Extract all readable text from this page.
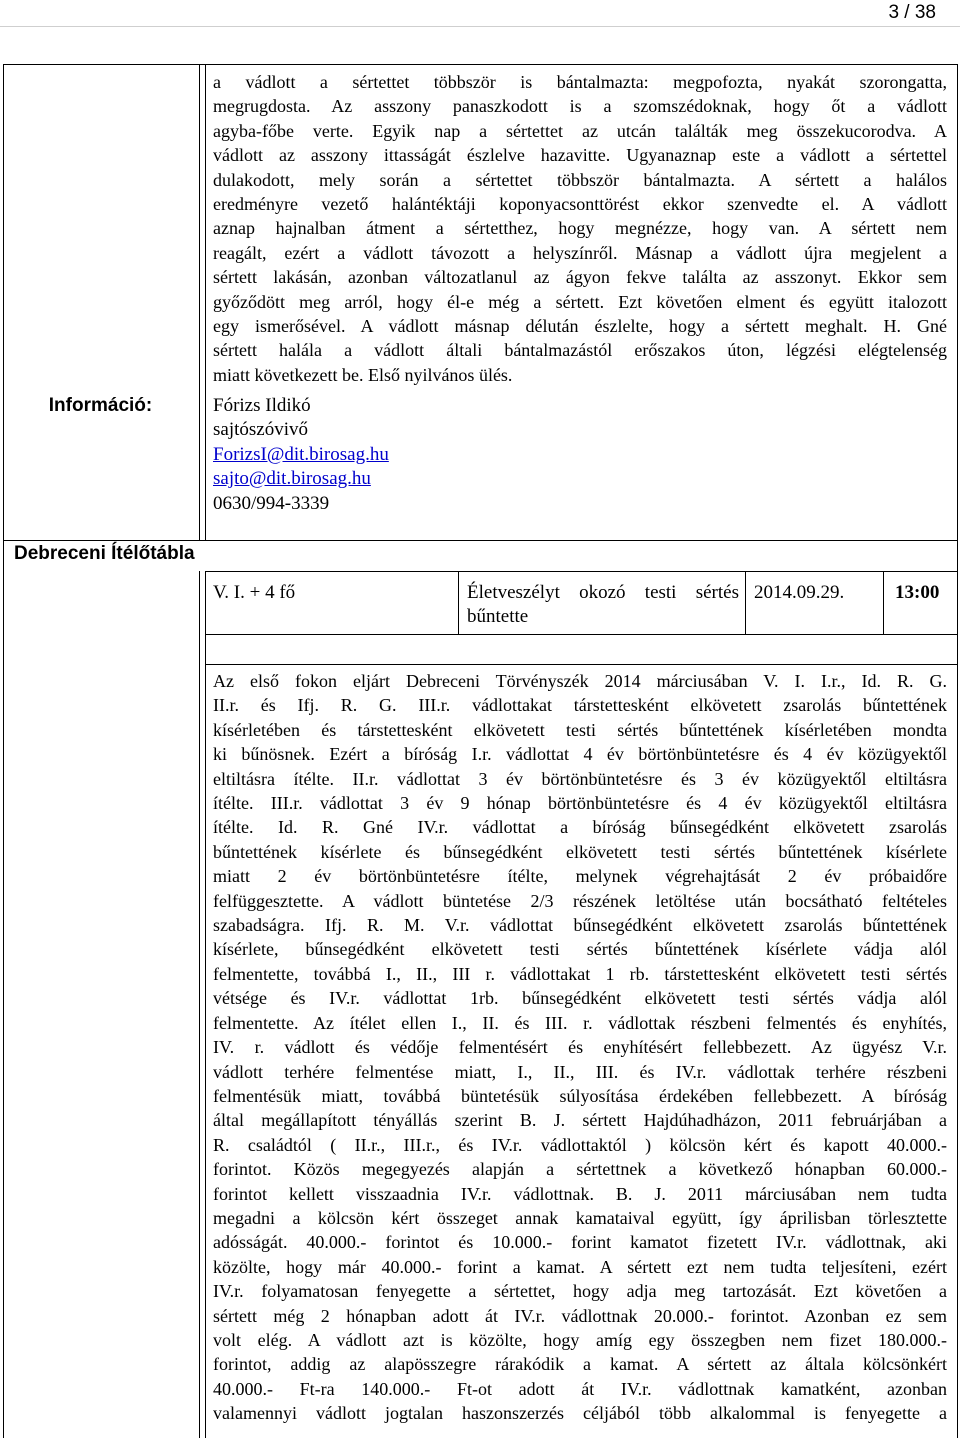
3 / 38
Információ:
Debreceni Ítélőtábla
a vádlott a sértettet többször is bántalmazta: megpofozta, nyakát szorongatta,
megrugdosta. Az asszony panaszkodott is a szomszédoknak, hogy őt a vádlott
agyba-főbe verte. Egyik nap a sértettet az utcán találták meg összekucorodva. A
vádlott az asszony ittasságát észlelve hazavitte. Ugyanaznap este a vádlott a sértettel
dulakodott, mely során a sértettet többször bántalmazta. A sértett a halálos
eredményre vezető halántéktáji koponyacsonttörést ekkor szenvedte el. A vádlott
aznap hajnalban átment a sértetthez, hogy megnézze, hogy van. A sértett nem
reagált, ezért a vádlott távozott a helyszínről. Másnap a vádlott újra megjelent a
sértett lakásán, azonban változatlanul az ágyon fekve találta az asszonyt. Ekkor sem
győződött meg arról, hogy él-e még a sértett. Ezt követően elment és együtt italozott
egy ismerősével. A vádlott másnap délután észlelte, hogy a sértett meghalt. H. Gné
sértett halála a vádlott általi bántalmazástól erőszakos úton, légzési elégtelenség
miatt következett be. Első nyilvános ülés.
Fórizs Ildikó
sajtószóvivő
ForizsI@dit.birosag.hu
sajto@dit.birosag.hu
0630/994-3339
V. I. + 4 fő	Életveszélyt okozó testi sértés
bűntette
2014.09.29.	13:00
Az első fokon eljárt Debreceni Törvényszék 2014 márciusában V. I. I.r., Id. R. G.
II.r. és Ifj. R. G. III.r. vádlottakat társtettesként elkövetett zsarolás bűntettének
kísérletében és társtettesként elkövetett testi sértés bűntettének kísérletében mondta
ki bűnösnek. Ezért a bíróság I.r. vádlottat 4 év börtönbüntetésre és 4 év közügyektől
eltiltásra ítélte. II.r. vádlottat 3 év börtönbüntetésre és 3 év közügyektől eltiltásra
ítélte. III.r. vádlottat 3 év 9 hónap börtönbüntetésre és 4 év közügyektől eltiltásra
ítélte. Id. R. Gné IV.r. vádlottat a bíróság bűnsegédként elkövetett zsarolás
bűntettének kísérlete és bűnsegédként elkövetett testi sértés bűntettének kísérlete
miatt 2 év börtönbüntetésre ítélte, melynek végrehajtását 2 év próbaidőre
felfüggesztette. A vádlott büntetése 2/3 részének letöltése után bocsátható feltételes
szabadságra. Ifj. R. M. V.r. vádlottat bűnsegédként elkövetett zsarolás bűntettének
kísérlete, bűnsegédként elkövetett testi sértés bűntettének kísérlete vádja alól
felmentette, továbbá I., II., III r. vádlottakat 1 rb. társtettesként elkövetett testi sértés
vétsége és IV.r. vádlottat 1rb. bűnsegédként elkövetett testi sértés vádja alól
felmentette. Az ítélet ellen I., II. és III. r. vádlottak részbeni felmentés és enyhítés,
IV. r. vádlott és védője felmentésért és enyhítésért fellebbezett. Az ügyész V.r.
vádlott terhére felmentése miatt, I., II., III. és IV.r. vádlottak terhére részbeni
felmentésük miatt, továbbá büntetésük súlyosítása érdekében fellebbezett. A bíróság
által megállapított tényállás szerint B. J. sértett Hajdúhadházon, 2011 februárjában a
R. családtól ( II.r., III.r., és IV.r. vádlottaktól ) kölcsön kért és kapott 40.000.-
forintot. Közös megegyezés alapján a sértettnek a következő hónapban 60.000.-
forintot kellett visszaadnia IV.r. vádlottnak. B. J. 2011 márciusában nem tudta
megadni a kölcsön kért összeget annak kamataival együtt, így áprilisban törlesztette
adósságát. 40.000.- forintot és 10.000.- forint kamatot fizetett IV.r. vádlottnak, aki
közölte, hogy már 40.000.- forint a kamat. A sértett ezt nem tudta teljesíteni, ezért
IV.r. folyamatosan fenyegette a sértettet, hogy adja meg tartozását. Ezt követően a
sértett még 2 hónapban adott át IV.r. vádlottnak 20.000.- forintot. Azonban ez sem
volt elég. A vádlott azt is közölte, hogy amíg egy összegben nem fizet 180.000.-
forintot, addig az alapösszegre rárakódik a kamat. A sértett az általa kölcsönkért
40.000.- Ft-ra 140.000.- Ft-ot adott át IV.r. vádlottnak kamatként, azonban
valamennyi vádlott jogtalan haszonszerzés céljából több alkalommal is fenyegette a
